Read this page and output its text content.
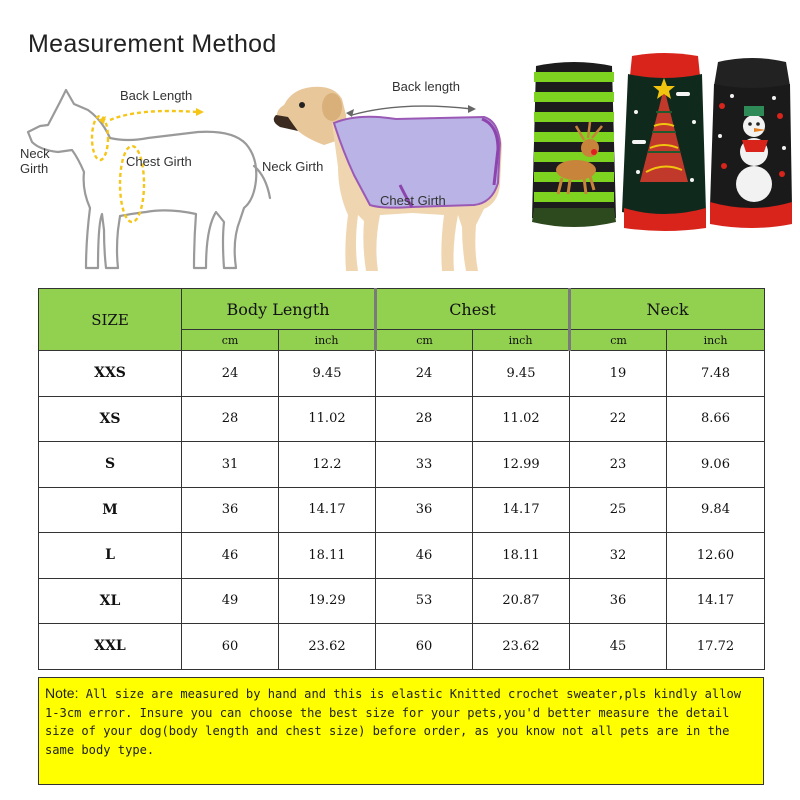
Measurement Method
Back Length
Neck
Girth	Chest Girth
Back length
Neck Girth
Chest Girth
SIZE	Body Length		Chest		Neck	
	cm	inch	cm	inch	cm	inch
XXS	24	9.45	24	9.45	19	7.48
XS	28	11.02	28	11.02	22	8.66
S	31	12.2	33	12.99	23	9.06
M	36	14.17	36	14.17	25	9.84
L	46	18.11	46	18.11	32	12.60
XL	49	19.29	53	20.87	36	14.17
XXL	60	23.62	60	23.62	45	17.72
Note: All size are measured by hand and this is elastic Knitted crochet sweater,pls kindly allow 1-3cm error. Insure you can choose the best size for your pets,you'd better measure the detail size of your dog(body length and chest size) before order, as you know not all pets are in the same body type.
